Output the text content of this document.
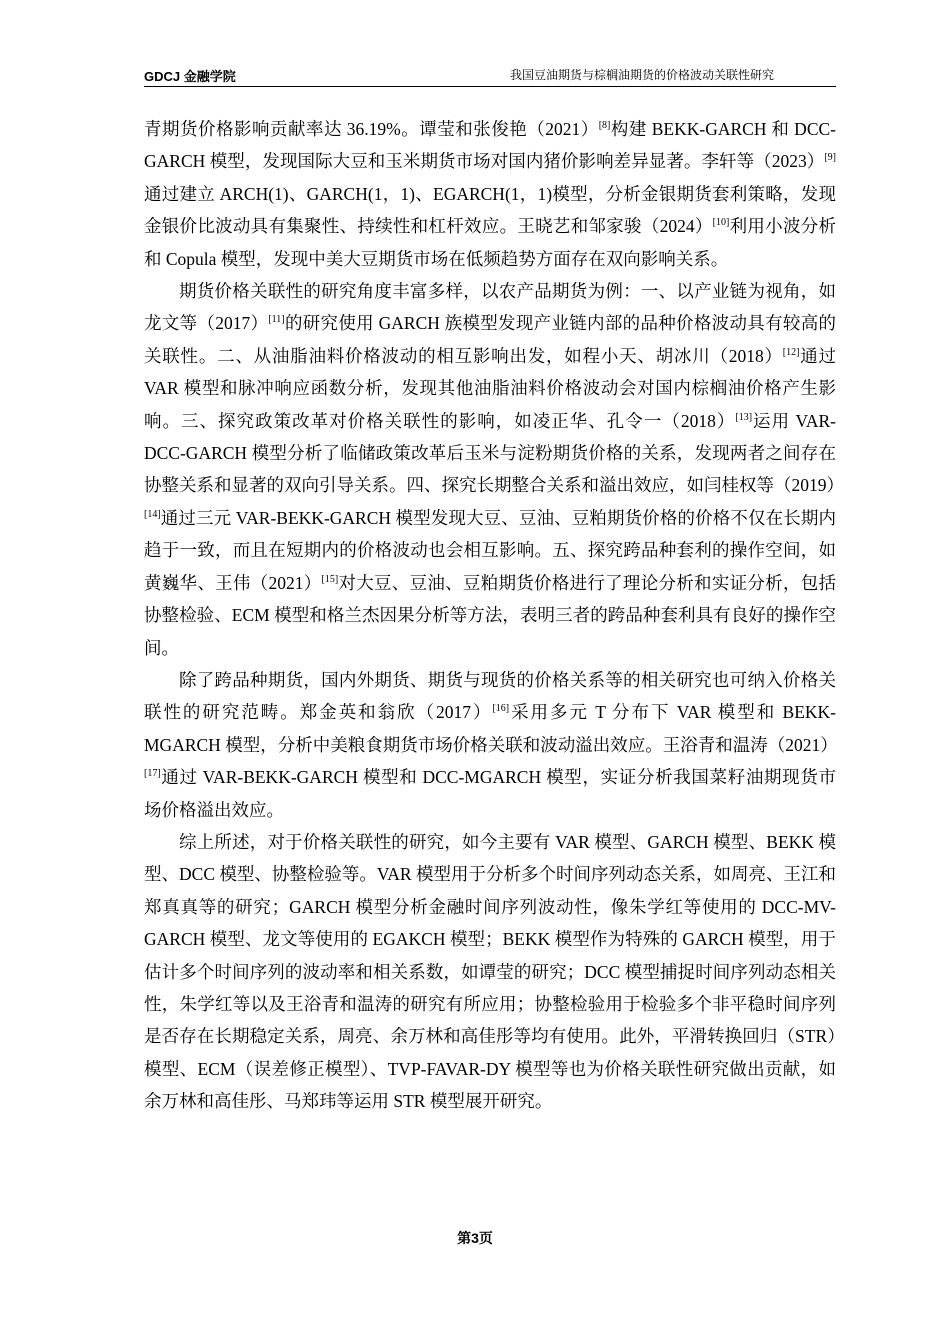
GDCJ 金融学院	我国豆油期货与棕榈油期货的价格波动关联性研究

青期货价格影响贡献率达 36.19%。谭莹和张俊艳（2021）[8]构建 BEKK-GARCH 和 DCC-GARCH 模型，发现国际大豆和玉米期货市场对国内猪价影响差异显著。李轩等（2023）[9]通过建立 ARCH(1)、GARCH(1，1)、EGARCH(1，1)模型，分析金银期货套利策略，发现金银价比波动具有集聚性、持续性和杠杆效应。王晓艺和邹家骏（2024）[10]利用小波分析和 Copula 模型，发现中美大豆期货市场在低频趋势方面存在双向影响关系。

期货价格关联性的研究角度丰富多样，以农产品期货为例：一、以产业链为视角，如龙文等（2017）[11]的研究使用 GARCH 族模型发现产业链内部的品种价格波动具有较高的关联性。二、从油脂油料价格波动的相互影响出发，如程小天、胡冰川（2018）[12]通过 VAR 模型和脉冲响应函数分析，发现其他油脂油料价格波动会对国内棕榈油价格产生影响。三、探究政策改革对价格关联性的影响，如凌正华、孔令一（2018）[13]运用 VAR-DCC-GARCH 模型分析了临储政策改革后玉米与淀粉期货价格的关系，发现两者之间存在协整关系和显著的双向引导关系。四、探究长期整合关系和溢出效应，如闫桂权等（2019）[14]通过三元 VAR-BEKK-GARCH 模型发现大豆、豆油、豆粕期货价格的价格不仅在长期内趋于一致，而且在短期内的价格波动也会相互影响。五、探究跨品种套利的操作空间，如黄巍华、王伟（2021）[15]对大豆、豆油、豆粕期货价格进行了理论分析和实证分析，包括协整检验、ECM 模型和格兰杰因果分析等方法，表明三者的跨品种套利具有良好的操作空间。

除了跨品种期货，国内外期货、期货与现货的价格关系等的相关研究也可纳入价格关联性的研究范畴。郑金英和翁欣（2017）[16]采用多元 T 分布下 VAR 模型和 BEKK-MGARCH 模型，分析中美粮食期货市场价格关联和波动溢出效应。王浴青和温涛（2021）[17]通过 VAR-BEKK-GARCH 模型和 DCC-MGARCH 模型，实证分析我国菜籽油期现货市场价格溢出效应。

综上所述，对于价格关联性的研究，如今主要有 VAR 模型、GARCH 模型、BEKK 模型、DCC 模型、协整检验等。VAR 模型用于分析多个时间序列动态关系，如周亮、王江和郑真真等的研究；GARCH 模型分析金融时间序列波动性，像朱学红等使用的 DCC-MV-GARCH 模型、龙文等使用的 EGAKCH 模型；BEKK 模型作为特殊的 GARCH 模型，用于估计多个时间序列的波动率和相关系数，如谭莹的研究；DCC 模型捕捉时间序列动态相关性，朱学红等以及王浴青和温涛的研究有所应用；协整检验用于检验多个非平稳时间序列是否存在长期稳定关系，周亮、余万林和高佳彤等均有使用。此外，平滑转换回归（STR）模型、ECM（误差修正模型）、TVP-FAVAR-DY 模型等也为价格关联性研究做出贡献，如余万林和高佳彤、马郑玮等运用 STR 模型展开研究。

第3页
